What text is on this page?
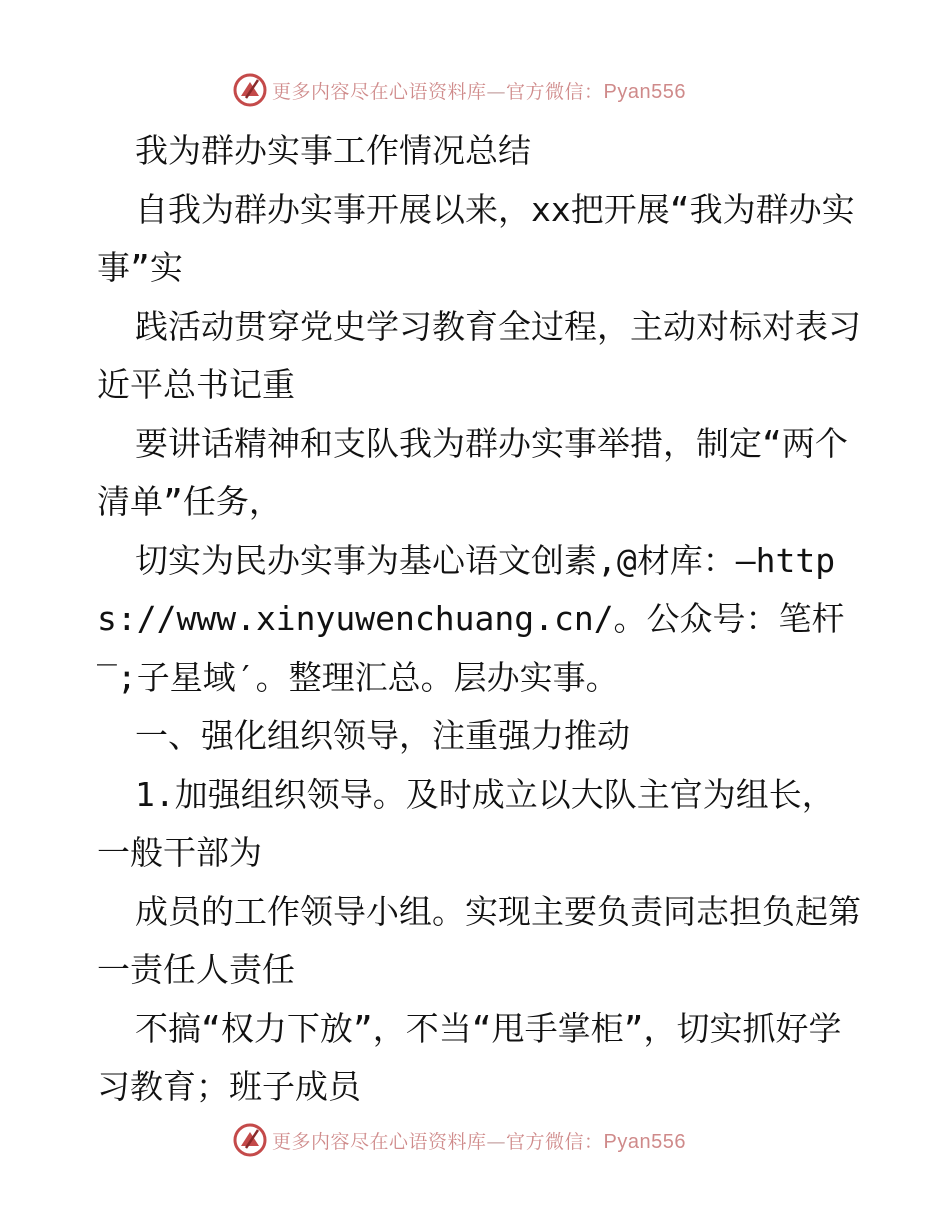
更多内容尽在心语资料库—官方微信：Pyan556

我为群办实事工作情况总结

自我为群办实事开展以来，xx把开展“我为群办实事”实

践活动贯穿党史学习教育全过程，主动对标对表习近平总书记重

要讲话精神和支队我为群办实事举措，制定“两个清单”任务，

切实为民办实事为基心语文创素,@材库：—https://www.xinyuwenchuang.cn/。公众号：笔杆‾;子星域′。整理汇总。层办实事。

一、强化组织领导，注重强力推动

1.加强组织领导。及时成立以大队主官为组长，一般干部为

成员的工作领导小组。实现主要负责同志担负起第一责任人责任

不搞“权力下放”，不当“甩手掌柜”，切实抓好学习教育；班子成员

更多内容尽在心语资料库—官方微信：Pyan556
